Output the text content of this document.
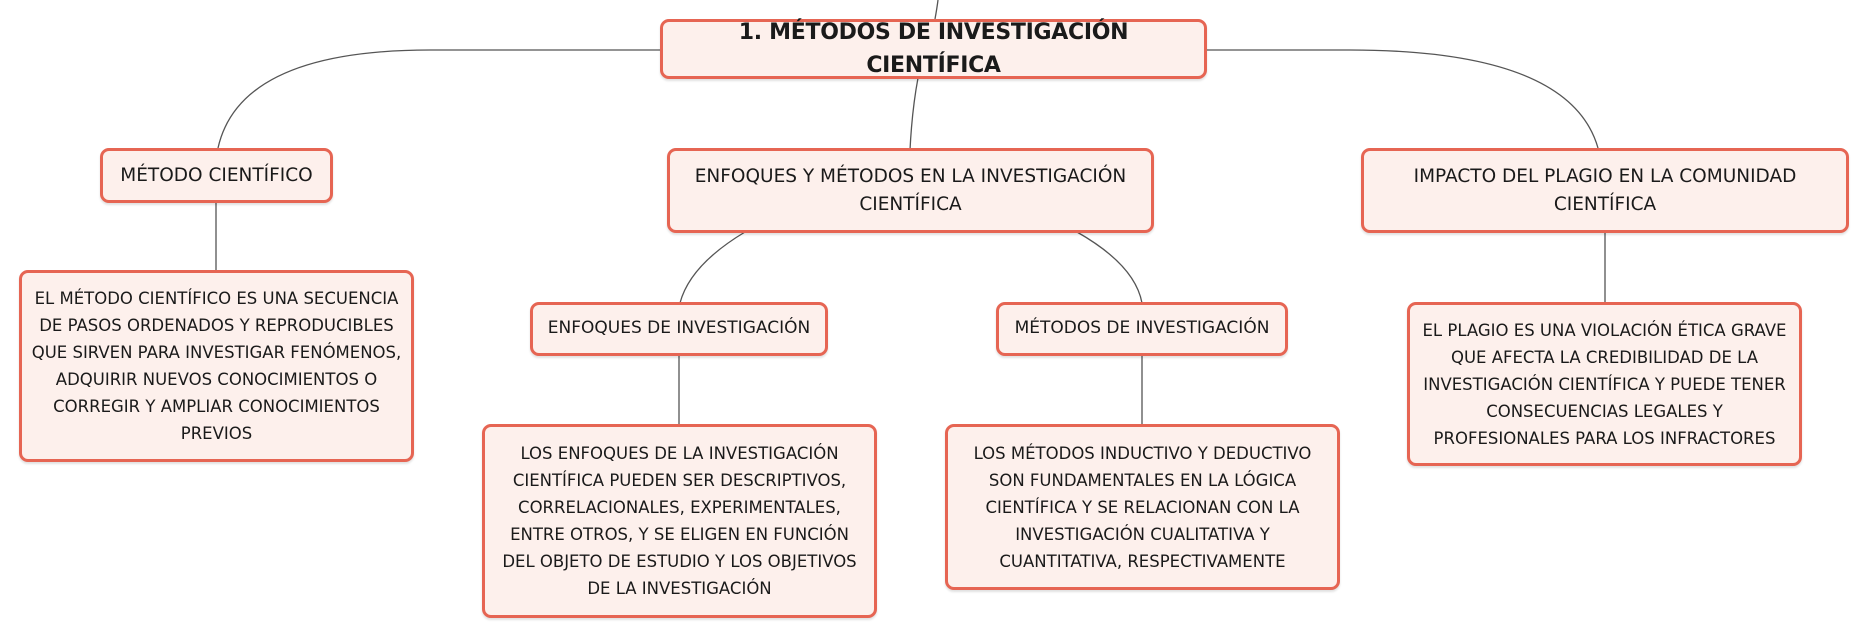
1. MÉTODOS DE INVESTIGACIÓN CIENTÍFICA
MÉTODO CIENTÍFICO
EL MÉTODO CIENTÍFICO ES UNA SECUENCIA DE PASOS ORDENADOS Y REPRODUCIBLES QUE SIRVEN PARA INVESTIGAR FENÓMENOS, ADQUIRIR NUEVOS CONOCIMIENTOS O CORREGIR Y AMPLIAR CONOCIMIENTOS PREVIOS
ENFOQUES Y MÉTODOS EN LA INVESTIGACIÓN CIENTÍFICA
ENFOQUES DE INVESTIGACIÓN
LOS ENFOQUES DE LA INVESTIGACIÓN CIENTÍFICA PUEDEN SER DESCRIPTIVOS, CORRELACIONALES, EXPERIMENTALES, ENTRE OTROS, Y SE ELIGEN EN FUNCIÓN DEL OBJETO DE ESTUDIO Y LOS OBJETIVOS DE LA INVESTIGACIÓN
MÉTODOS DE INVESTIGACIÓN
LOS MÉTODOS INDUCTIVO Y DEDUCTIVO SON FUNDAMENTALES EN LA LÓGICA CIENTÍFICA Y SE RELACIONAN CON LA INVESTIGACIÓN CUALITATIVA Y CUANTITATIVA, RESPECTIVAMENTE
IMPACTO DEL PLAGIO EN LA COMUNIDAD CIENTÍFICA
EL PLAGIO ES UNA VIOLACIÓN ÉTICA GRAVE QUE AFECTA LA CREDIBILIDAD DE LA INVESTIGACIÓN CIENTÍFICA Y PUEDE TENER CONSECUENCIAS LEGALES Y PROFESIONALES PARA LOS INFRACTORES
